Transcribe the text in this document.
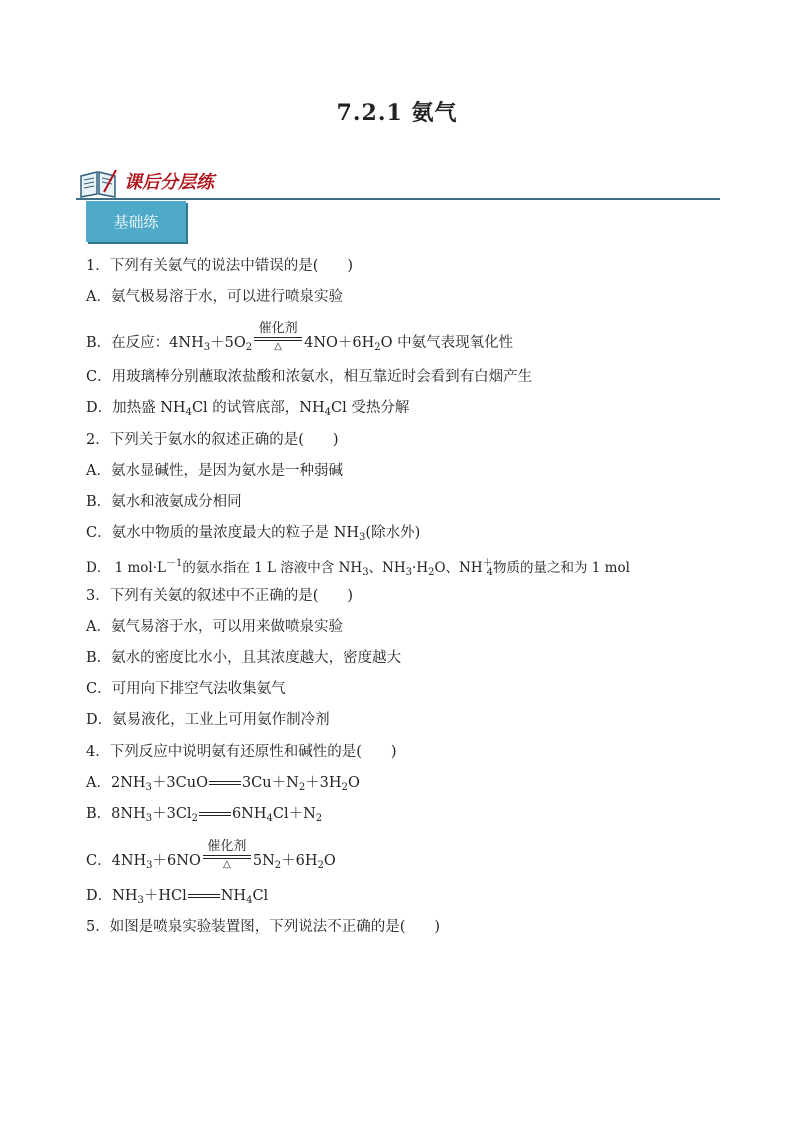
7.2.1 氨气
课后分层练
基础练
1．下列有关氨气的说法中错误的是(　　)
A．氨气极易溶于水，可以进行喷泉实验
B．在反应：$4NH_3+5O_2$
催化剂
△ $4NO+6H_2O$ 中氨气表现氧化性
C．用玻璃棒分别蘸取浓盐酸和浓氨水，相互靠近时会看到有白烟产生
D．加热盛 $NH_4Cl$ 的试管底部，$NH_4Cl$ 受热分解
2．下列关于氨水的叙述正确的是(　　)
A．氨水显碱性，是因为氨水是一种弱碱
B．氨水和液氨成分相同
C．氨水中物质的量浓度最大的粒子是 $NH_3$(除水外)
D． 1 $mol\cdot L^{-1}$的氨水指在 1 L 溶液中含 $NH_3$、$NH_3\cdot H_2O$、$NH^+_4$物质的量之和为 1 mol
3．下列有关氨的叙述中不正确的是(　　)
A．氨气易溶于水，可以用来做喷泉实验
B．氨水的密度比水小，且其浓度越大，密度越大
C．可用向下排空气法收集氨气
D．氨易液化，工业上可用氨作制冷剂
4．下列反应中说明氨有还原性和碱性的是(　　)
A．$2NH_3+3CuO$ $3Cu+N_2+3H_2O$
B．$8NH_3+3Cl_2$ $6NH_4Cl+N_2$
C．$4NH_3+6NO$
催化剂
△ $5N_2+6H_2O$
D．$NH_3+HCl$ $NH_4Cl$
5．如图是喷泉实验装置图，下列说法不正确的是(　　)
